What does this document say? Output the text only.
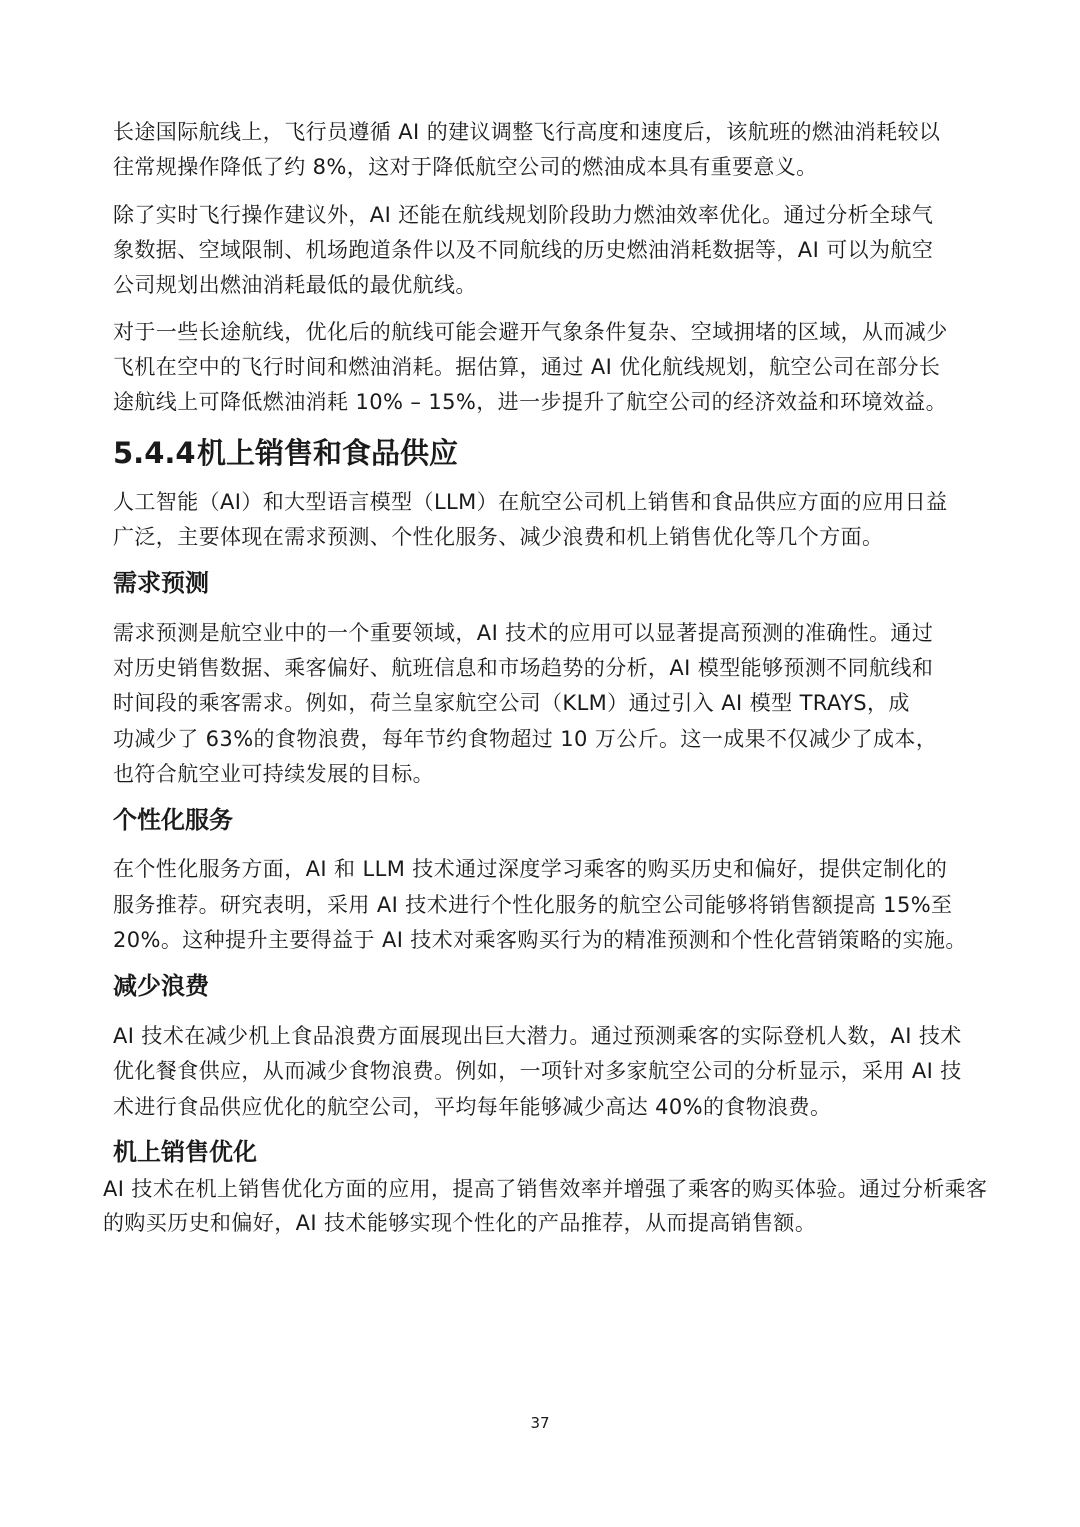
长途国际航线上，飞行员遵循 AI 的建议调整飞行高度和速度后，该航班的燃油消耗较以
往常规操作降低了约 8%，这对于降低航空公司的燃油成本具有重要意义。
除了实时飞行操作建议外，AI 还能在航线规划阶段助力燃油效率优化。通过分析全球气
象数据、空域限制、机场跑道条件以及不同航线的历史燃油消耗数据等，AI 可以为航空
公司规划出燃油消耗最低的最优航线。
对于一些长途航线，优化后的航线可能会避开气象条件复杂、空域拥堵的区域，从而减少
飞机在空中的飞行时间和燃油消耗。据估算，通过 AI 优化航线规划，航空公司在部分长
途航线上可降低燃油消耗 10% – 15%，进一步提升了航空公司的经济效益和环境效益。
5.4.4机上销售和食品供应
人工智能（AI）和大型语言模型（LLM）在航空公司机上销售和食品供应方面的应用日益
广泛，主要体现在需求预测、个性化服务、减少浪费和机上销售优化等几个方面。
需求预测
需求预测是航空业中的一个重要领域，AI 技术的应用可以显著提高预测的准确性。通过
对历史销售数据、乘客偏好、航班信息和市场趋势的分析，AI 模型能够预测不同航线和
时间段的乘客需求。例如，荷兰皇家航空公司（KLM）通过引入 AI 模型 TRAYS，成
功减少了 63%的食物浪费，每年节约食物超过 10 万公斤。这一成果不仅减少了成本，
也符合航空业可持续发展的目标。
个性化服务
在个性化服务方面，AI 和 LLM 技术通过深度学习乘客的购买历史和偏好，提供定制化的
服务推荐。研究表明，采用 AI 技术进行个性化服务的航空公司能够将销售额提高 15%至
20%。这种提升主要得益于 AI 技术对乘客购买行为的精准预测和个性化营销策略的实施。
减少浪费
AI 技术在减少机上食品浪费方面展现出巨大潜力。通过预测乘客的实际登机人数，AI 技术
优化餐食供应，从而减少食物浪费。例如，一项针对多家航空公司的分析显示，采用 AI 技
术进行食品供应优化的航空公司，平均每年能够减少高达 40%的食物浪费。
机上销售优化
AI 技术在机上销售优化方面的应用，提高了销售效率并增强了乘客的购买体验。通过分析乘客
的购买历史和偏好，AI 技术能够实现个性化的产品推荐，从而提高销售额。
37
